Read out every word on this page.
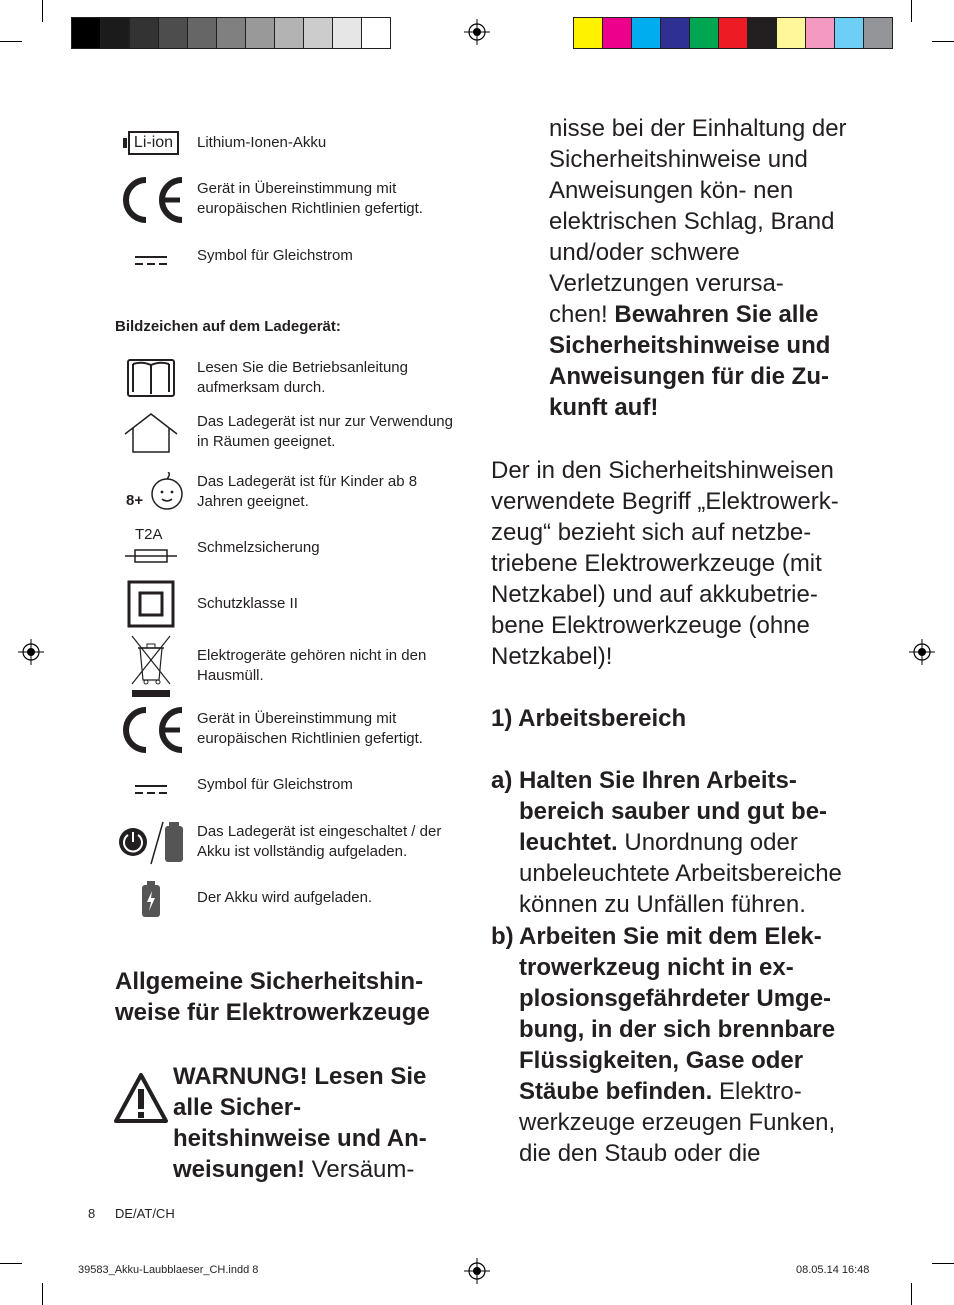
Li-ion	Lithium-Ionen-Akku
Gerät in Übereinstimmung mit europäischen Richtlinien gefertigt.
Symbol für Gleichstrom
Bildzeichen auf dem Ladegerät:
Lesen Sie die Betriebsanleitung aufmerksam durch.
Das Ladegerät ist nur zur Verwendung in Räumen geeignet.
8+
Das Ladegerät ist für Kinder ab 8 Jahren geeignet.
T2A
Schmelzsicherung
Schutzklasse II
Elektrogeräte gehören nicht in den Hausmüll.
Gerät in Übereinstimmung mit europäischen Richtlinien gefertigt.
Symbol für Gleichstrom
Das Ladegerät ist eingeschaltet / der Akku ist vollständig aufgeladen.
Der Akku wird aufgeladen.
Allgemeine Sicherheitshin- weise für Elektrowerkzeuge
WARNUNG! Lesen Sie alle Sicher- heitshinweise und An- weisungen! Versäum-
nisse bei der Einhaltung der Sicherheitshinweise und Anweisungen kön- nen elektrischen Schlag, Brand und/oder schwere Verletzungen verursa- chen! Bewahren Sie alle Sicherheitshinweise und Anweisungen für die Zu- kunft auf!
Der in den Sicherheitshinweisen verwendete Begriff „Elektrowerk- zeug“ bezieht sich auf netzbe- triebene Elektrowerkzeuge (mit Netzkabel) und auf akkubetrie- bene Elektrowerkzeuge (ohne Netzkabel)!
1) Arbeitsbereich
a) Halten Sie Ihren Arbeits- bereich sauber und gut be- leuchtet. Unordnung oder unbeleuchtete Arbeitsbereiche können zu Unfällen führen.
b) Arbeiten Sie mit dem Elek- trowerkzeug nicht in ex- plosionsgefährdeter Umge- bung, in der sich brennbare Flüssigkeiten, Gase oder Stäube befinden. Elektro- werkzeuge erzeugen Funken, die den Staub oder die
8 DE/AT/CH
39583_Akku-Laubblaeser_CH.indd 8	08.05.14 16:48
